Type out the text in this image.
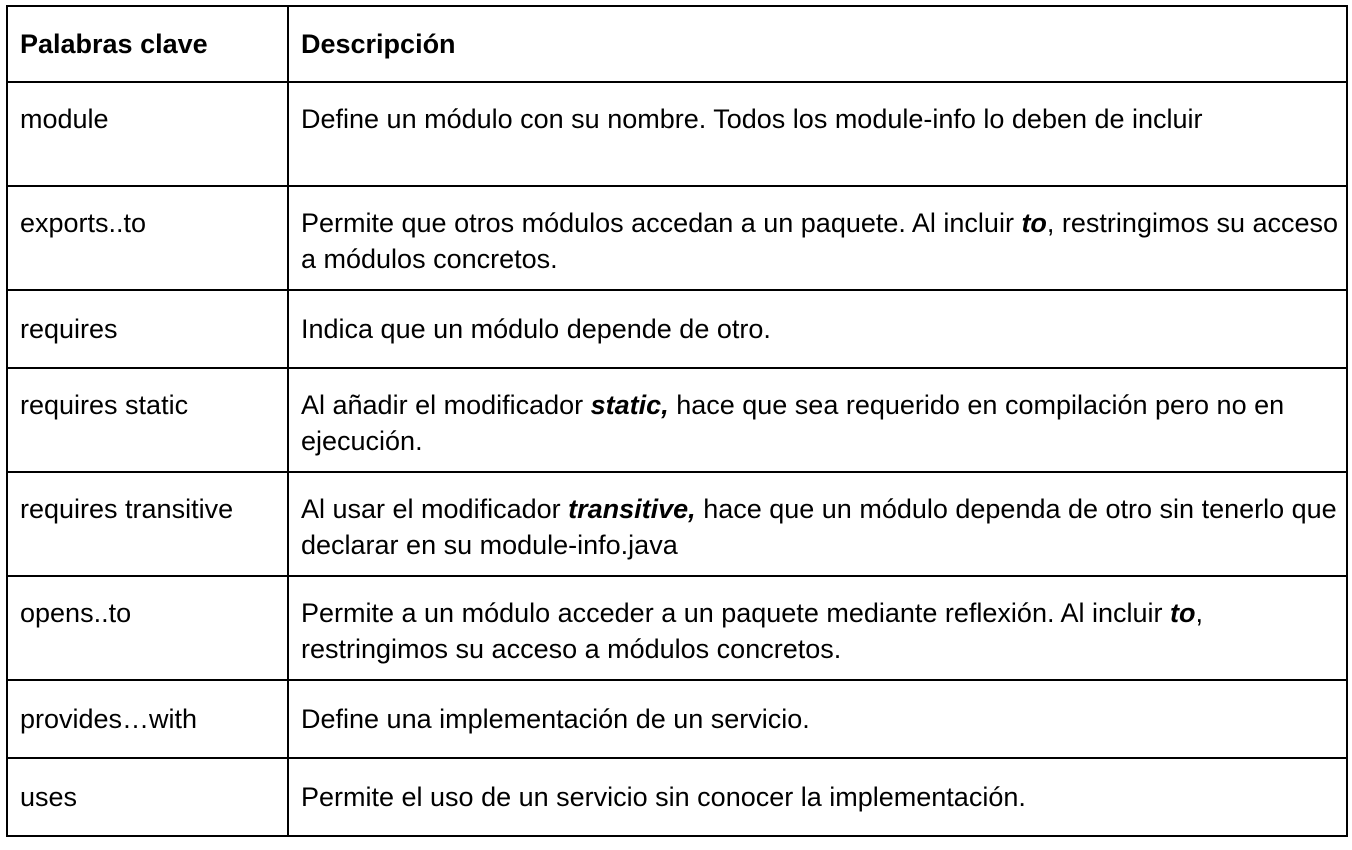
Palabras clave	Descripción
module	Define un módulo con su nombre. Todos los module-info lo deben de incluir
exports..to	Permite que otros módulos accedan a un paquete. Al incluir to, restringimos su acceso a módulos concretos.
requires	Indica que un módulo depende de otro.
requires static	Al añadir el modificador static, hace que sea requerido en compilación pero no en ejecución.
requires transitive	Al usar el modificador transitive, hace que un módulo dependa de otro sin tenerlo que declarar en su module-info.java
opens..to	Permite a un módulo acceder a un paquete mediante reflexión. Al incluir to, restringimos su acceso a módulos concretos.
provides…with	Define una implementación de un servicio.
uses	Permite el uso de un servicio sin conocer la implementación.
